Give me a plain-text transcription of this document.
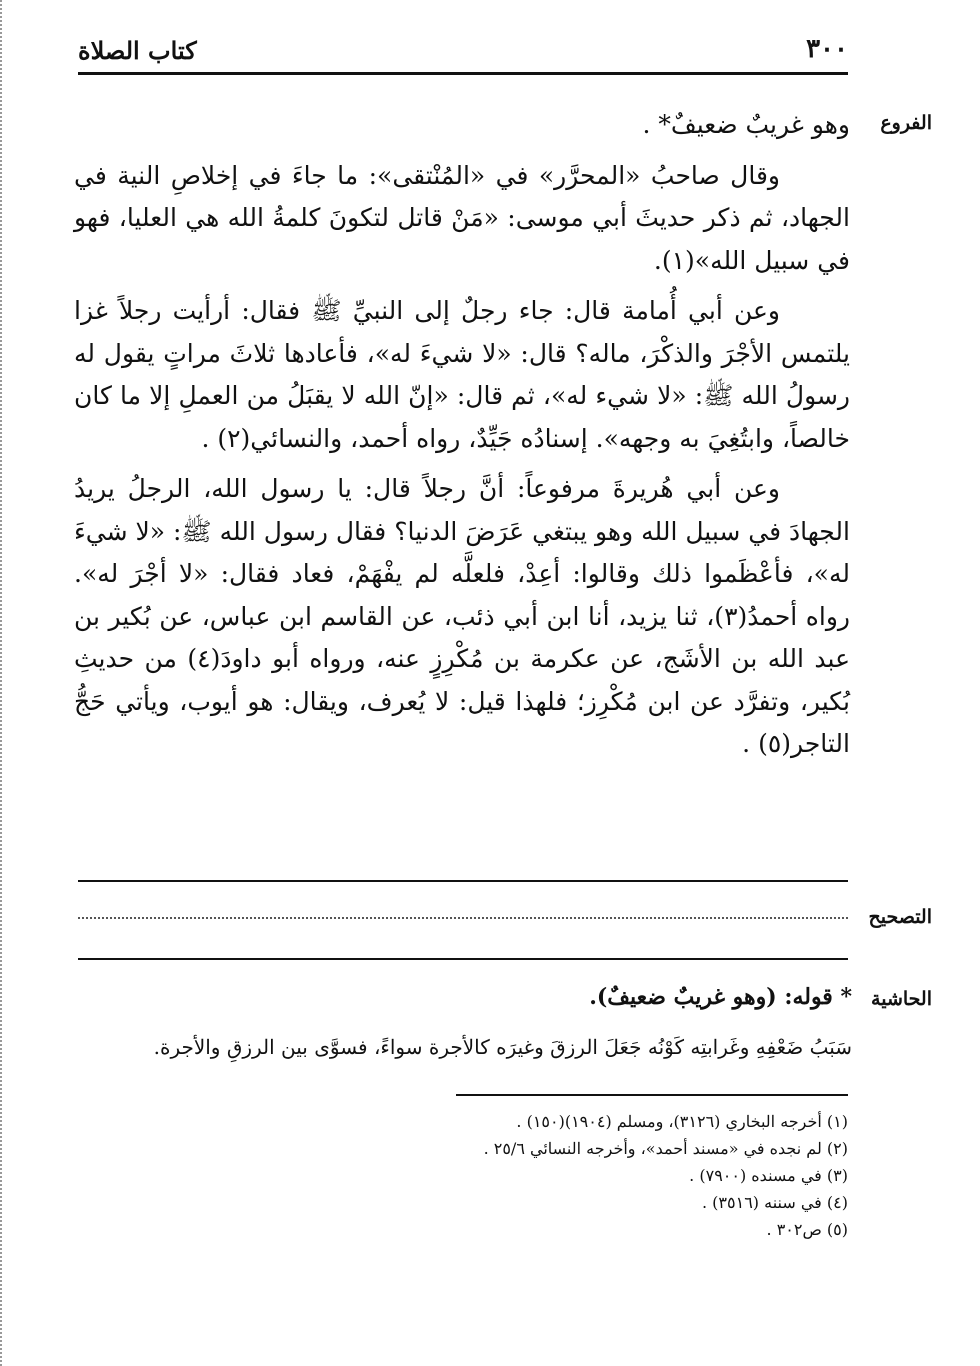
٣٠٠
كتاب الصلاة
الفروع

وهو غريبٌ ضعيفٌ* .

وقال صاحبُ «المحرَّر» في «المُنْتقى»: ما جاءَ في إخلاصِ النية في الجهاد، ثم ذكر حديثَ أبي موسى: «مَنْ قاتل لتكونَ كلمةُ الله هي العليا، فهو في سبيل الله»(١).

وعن أبي أُمامة قال: جاء رجلٌ إلى النبيِّ ﷺ فقال: أرأيت رجلاً غزا يلتمس الأجْرَ والذكْرَ، ماله؟ قال: «لا شيءَ له»، فأعادها ثلاثَ مراتٍ يقول له رسولُ الله ﷺ: «لا شيء له»، ثم قال: «إنّ الله لا يقبَلُ من العملِ إلا ما كان خالصاً، وابتُغِيَ به وجهه». إسنادُه جَيِّدٌ، رواه أحمد، والنسائي(٢) .

وعن أبي هُريرةَ مرفوعاً: أنَّ رجلاً قال: يا رسول الله، الرجلُ يريدُ الجهادَ في سبيل الله وهو يبتغي عَرَضَ الدنيا؟ فقال رسول الله ﷺ: «لا شيءَ له»، فأعْظَموا ذلك وقالوا: أعِدْ، فلعلَّه لم يفْهَمْ، فعاد فقال: «لا أجْرَ له». رواه أحمدُ(٣)، ثنا يزيد، أنا ابن أبي ذئب، عن القاسم ابن عباس، عن بُكير بن عبد الله بن الأشَج، عن عكرمة بن مُكْرِزٍ عنه، ورواه أبو داودَ(٤) من حديثِ بُكير، وتفرَّد عن ابن مُكْرِز؛ فلهذا قيل: لا يُعرف، ويقال: هو أيوب، ويأتي حَجُّ التاجر(٥) .

التصحيح
الحاشية
* قوله: (وهو غريبٌ ضعيفٌ).
سَبَبُ ضَعْفِهِ وغَرابتِه كَوْنُه جَعَلَ الرزقَ وغيرَه كالأجرة سواءً، فسوَّى بين الرزقِ والأجرة.
(١) أخرجه البخاري (٣١٢٦)، ومسلم (١٩٠٤)(١٥٠) .
(٢) لم نجده في «مسند أحمد»، وأخرجه النسائي ٢٥/٦ .
(٣) في مسنده (٧٩٠٠) .
(٤) في سننه (٣٥١٦) .
(٥) ص٣٠٢ .
